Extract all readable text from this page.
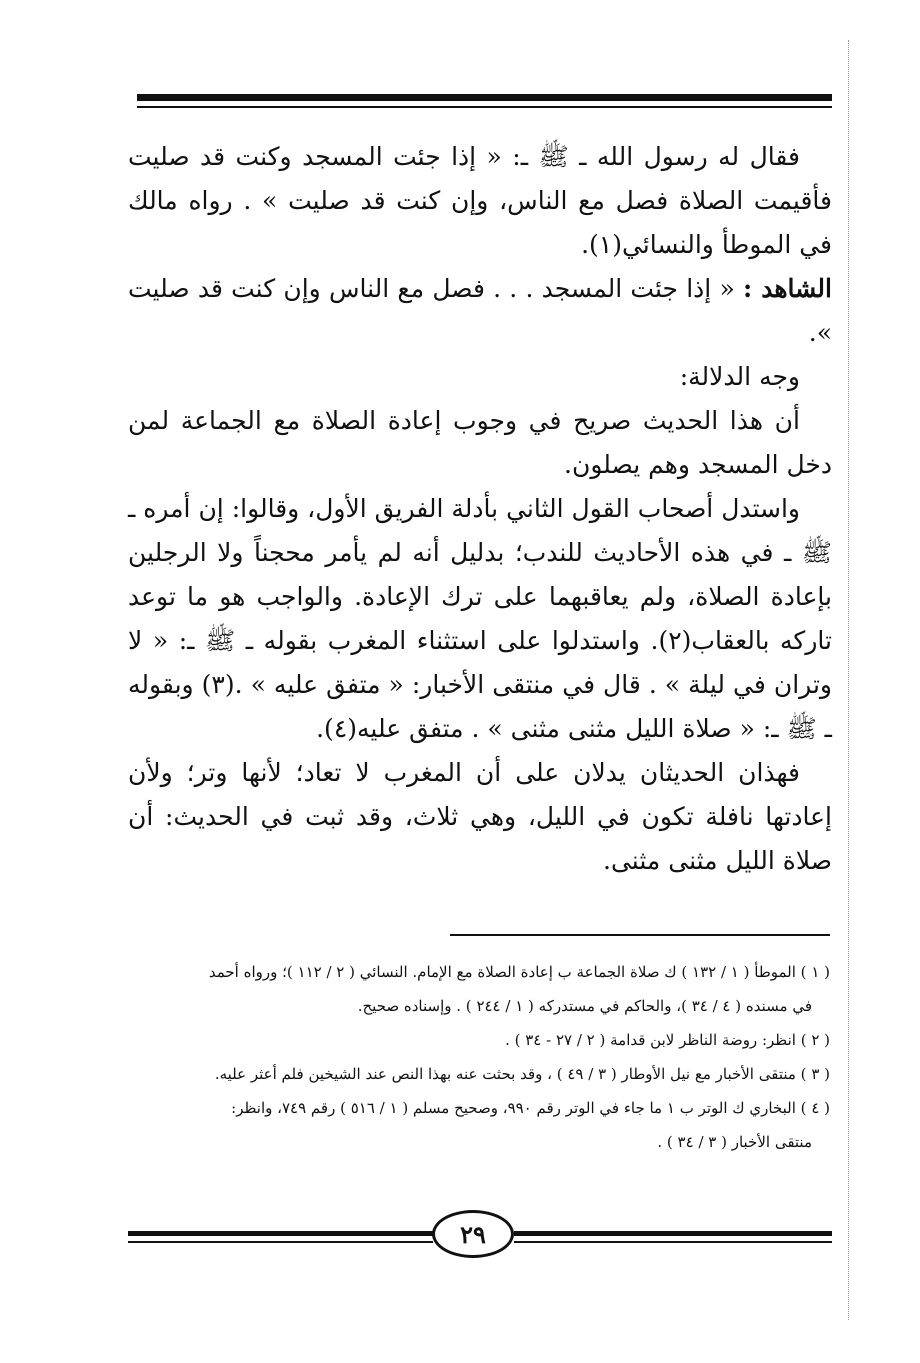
فقال له رسول الله ـ ﷺ ـ: « إذا جئت المسجد وكنت قد صليت فأقيمت الصلاة فصل مع الناس، وإن كنت قد صليت » . رواه مالك في الموطأ والنسائي(١).

الشاهد : « إذا جئت المسجد . . . فصل مع الناس وإن كنت قد صليت ».

وجه الدلالة:

أن هذا الحديث صريح في وجوب إعادة الصلاة مع الجماعة لمن دخل المسجد وهم يصلون.

واستدل أصحاب القول الثاني بأدلة الفريق الأول، وقالوا: إن أمره ـ ﷺ ـ في هذه الأحاديث للندب؛ بدليل أنه لم يأمر محجناً ولا الرجلين بإعادة الصلاة، ولم يعاقبهما على ترك الإعادة. والواجب هو ما توعد تاركه بالعقاب(٢). واستدلوا على استثناء المغرب بقوله ـ ﷺ ـ: « لا وتران في ليلة » . قال في منتقى الأخبار: « متفق عليه » .(٣) وبقوله ـ ﷺ ـ: « صلاة الليل مثنى مثنى » . متفق عليه(٤).

فهذان الحديثان يدلان على أن المغرب لا تعاد؛ لأنها وتر؛ ولأن إعادتها نافلة تكون في الليل، وهي ثلاث، وقد ثبت في الحديث: أن صلاة الليل مثنى مثنى.

( ١ ) الموطأ ( ١ / ١٣٢ ) ك صلاة الجماعة ب إعادة الصلاة مع الإمام. النسائي ( ٢ / ١١٢ )؛ ورواه أحمد

في مسنده ( ٤ / ٣٤ )، والحاكم في مستدركه ( ١ / ٢٤٤ ) . وإسناده صحيح.

( ٢ ) انظر: روضة الناظر لابن قدامة ( ٢ / ٢٧ - ٣٤ ) .

( ٣ ) منتقى الأخبار مع نيل الأوطار ( ٣ / ٤٩ ) ، وقد بحثت عنه بهذا النص عند الشيخين فلم أعثر عليه.

( ٤ ) البخاري ك الوتر ب ١ ما جاء في الوتر رقم ٩٩٠، وصحيح مسلم ( ١ / ٥١٦ ) رقم ٧٤٩، وانظر:

منتقى الأخبار ( ٣ / ٣٤ ) .

٢٩
